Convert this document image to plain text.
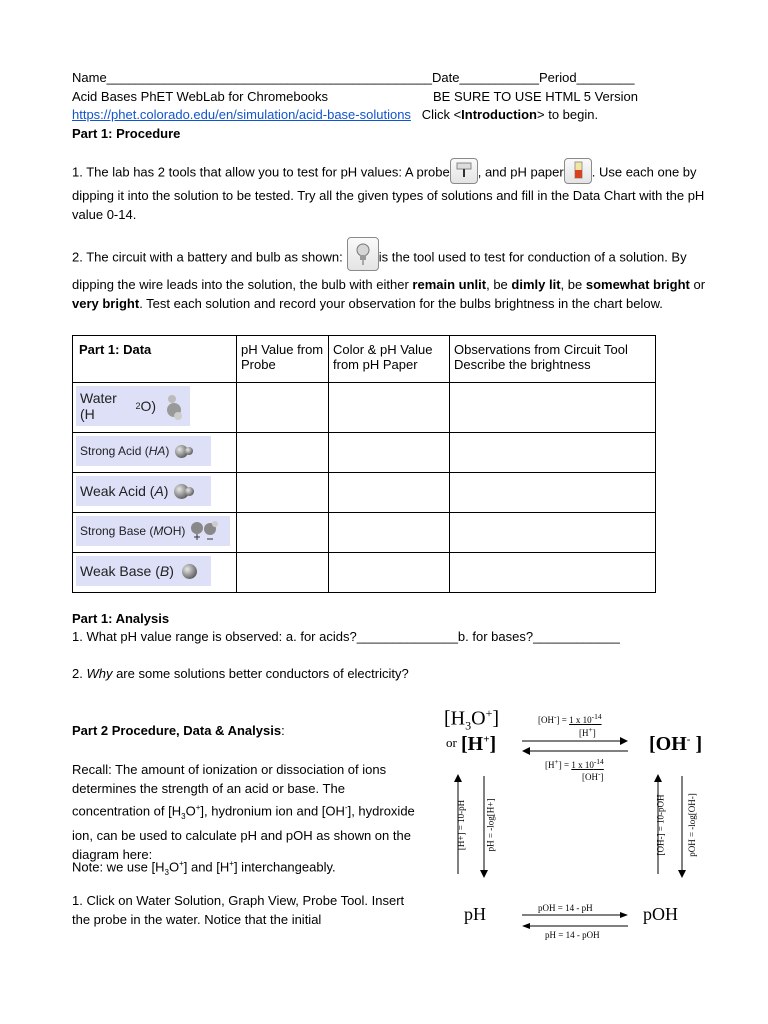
Name_____________________________________________Date___________Period________
Acid Bases PhET WebLab for Chromebooks	BE SURE TO USE HTML 5 Version
https://phet.colorado.edu/en/simulation/acid-base-solutions Click <Introduction> to begin.
Part 1: Procedure
1. The lab has 2 tools that allow you to test for pH values: A probe , and pH paper . Use each one by dipping it into the solution to be tested. Try all the given types of solutions and fill in the Data Chart with the pH value 0-14.
2. The circuit with a battery and bulb as shown:	is the tool used to test for conduction of a solution. By dipping the wire leads into the solution, the bulb with either remain unlit, be dimly lit, be somewhat bright or very bright. Test each solution and record your observation for the bulbs brightness in the chart below.
Part 1: Data	pH Value from Probe	Color & pH Value from pH Paper	Observations from Circuit Tool Describe the brightness

Water (H 2 O)			

Strong Acid ( HA )			

Weak Acid ( A )			

Strong Base ( M OH)			

Weak Base ( B )			

Part 1: Analysis
1. What pH value range is observed: a. for acids?______________b. for bases?____________
2. Why are some solutions better conductors of electricity?
Part 2 Procedure, Data & Analysis:
Recall: The amount of ionization or dissociation of ions determines the strength of an acid or base. The concentration of $[H_3O^+]$, hydronium ion and [OH-], hydroxide ion, can be used to calculate pH and pOH as shown on the diagram here:
Note: we use $[H_3O^+]$ and [H+] interchangeably.
1. Click on Water Solution, Graph View, Probe Tool. Insert the probe in the water. Notice that the initial
$[H_3O^+]$
or [H+]	[OH- ]
[OH-] = 1 x $10^{-14}$
[H+]
[H+] = 1 x $10^{-14}$
[OH-]
[H+] = 10-pH pH = -log[H+]	[OH-] = 10-pOH pOH = -log[OH-]
pH	pOH
pOH = 14 - pH
pH = 14 - pOH
